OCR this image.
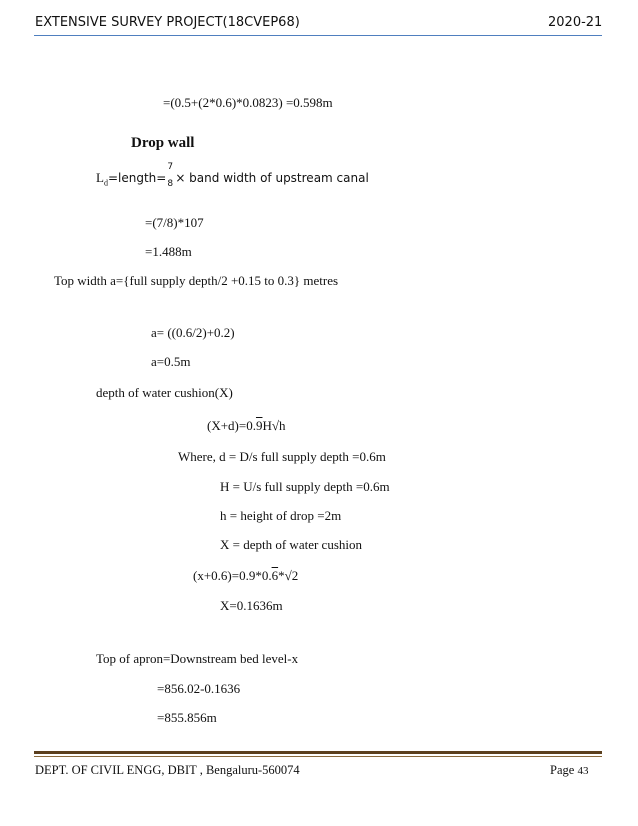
EXTENSIVE SURVEY PROJECT(18CVEP68)	2020-21
=(0.5+(2*0.6)*0.0823) =0.598m
Drop wall
$L_d=length=$
7
8 × band width of upstream canal
=(7/8)*107
=1.488m
Top width a={full supply depth/2 +0.15 to 0.3} metres
a= ((0.6/2)+0.2)
a=0.5m
depth of water cushion(X)
(X+d)=0.9H√h
Where, d = D/s full supply depth =0.6m
H = U/s full supply depth =0.6m
h = height of drop =2m
X = depth of water cushion
(x+0.6)=0.9*0.6*√2
X=0.1636m
Top of apron=Downstream bed level-x
=856.02-0.1636
=855.856m
DEPT. OF CIVIL ENGG, DBIT , Bengaluru-560074	Page 43
